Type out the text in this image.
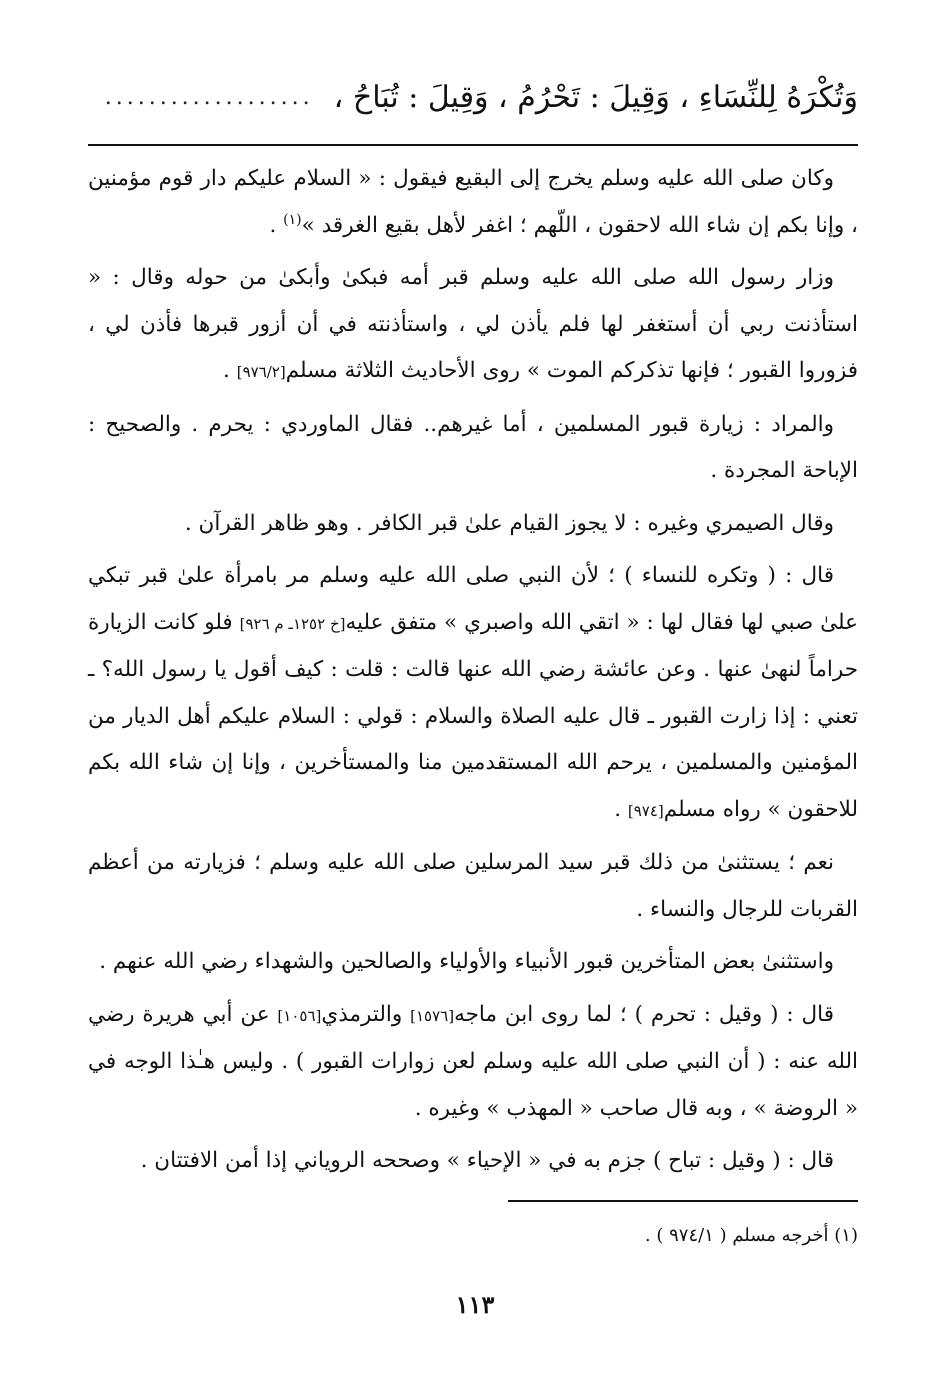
وَتُكْرَهُ لِلنِّسَاءِ ، وَقِيلَ : تَحْرُمُ ، وَقِيلَ : تُبَاحُ ،
...................

وكان صلى الله عليه وسلم يخرج إلى البقيع فيقول : « السلام عليكم دار قوم مؤمنين ، وإنا بكم إن شاء الله لاحقون ، اللّهم ؛ اغفر لأهل بقيع الغرقد »$^{(١)}$ .

وزار رسول الله صلى الله عليه وسلم قبر أمه فبكىٰ وأبكىٰ من حوله وقال : « استأذنت ربي أن أستغفر لها فلم يأذن لي ، واستأذنته في أن أزور قبرها فأذن لي ، فزوروا القبور ؛ فإنها تذكركم الموت » روى الأحاديث الثلاثة مسلم[٩٧٦/٢] .

والمراد : زيارة قبور المسلمين ، أما غيرهم.. فقال الماوردي : يحرم . والصحيح : الإباحة المجردة .

وقال الصيمري وغيره : لا يجوز القيام علىٰ قبر الكافر . وهو ظاهر القرآن .

قال : ( وتكره للنساء ) ؛ لأن النبي صلى الله عليه وسلم مر بامرأة علىٰ قبر تبكي علىٰ صبي لها فقال لها : « اتقي الله واصبري » متفق عليه[خ ١٢٥٢ـ م ٩٢٦] فلو كانت الزيارة حراماً لنهىٰ عنها . وعن عائشة رضي الله عنها قالت : قلت : كيف أقول يا رسول الله؟ ـ تعني : إذا زارت القبور ـ قال عليه الصلاة والسلام : قولي : السلام عليكم أهل الديار من المؤمنين والمسلمين ، يرحم الله المستقدمين منا والمستأخرين ، وإنا إن شاء الله بكم للاحقون » رواه مسلم[٩٧٤] .

نعم ؛ يستثنىٰ من ذلك قبر سيد المرسلين صلى الله عليه وسلم ؛ فزيارته من أعظم القربات للرجال والنساء .

واستثنىٰ بعض المتأخرين قبور الأنبياء والأولياء والصالحين والشهداء رضي الله عنهم .

قال : ( وقيل : تحرم ) ؛ لما روى ابن ماجه[١٥٧٦] والترمذي[١٠٥٦] عن أبي هريرة رضي الله عنه : ( أن النبي صلى الله عليه وسلم لعن زوارات القبور ) . وليس هـٰذا الوجه في « الروضة » ، وبه قال صاحب « المهذب » وغيره .

قال : ( وقيل : تباح ) جزم به في « الإحياء » وصححه الروياني إذا أمن الافتتان .

(١) أخرجه مسلم ( ٩٧٤/١ ) .
١١٣
